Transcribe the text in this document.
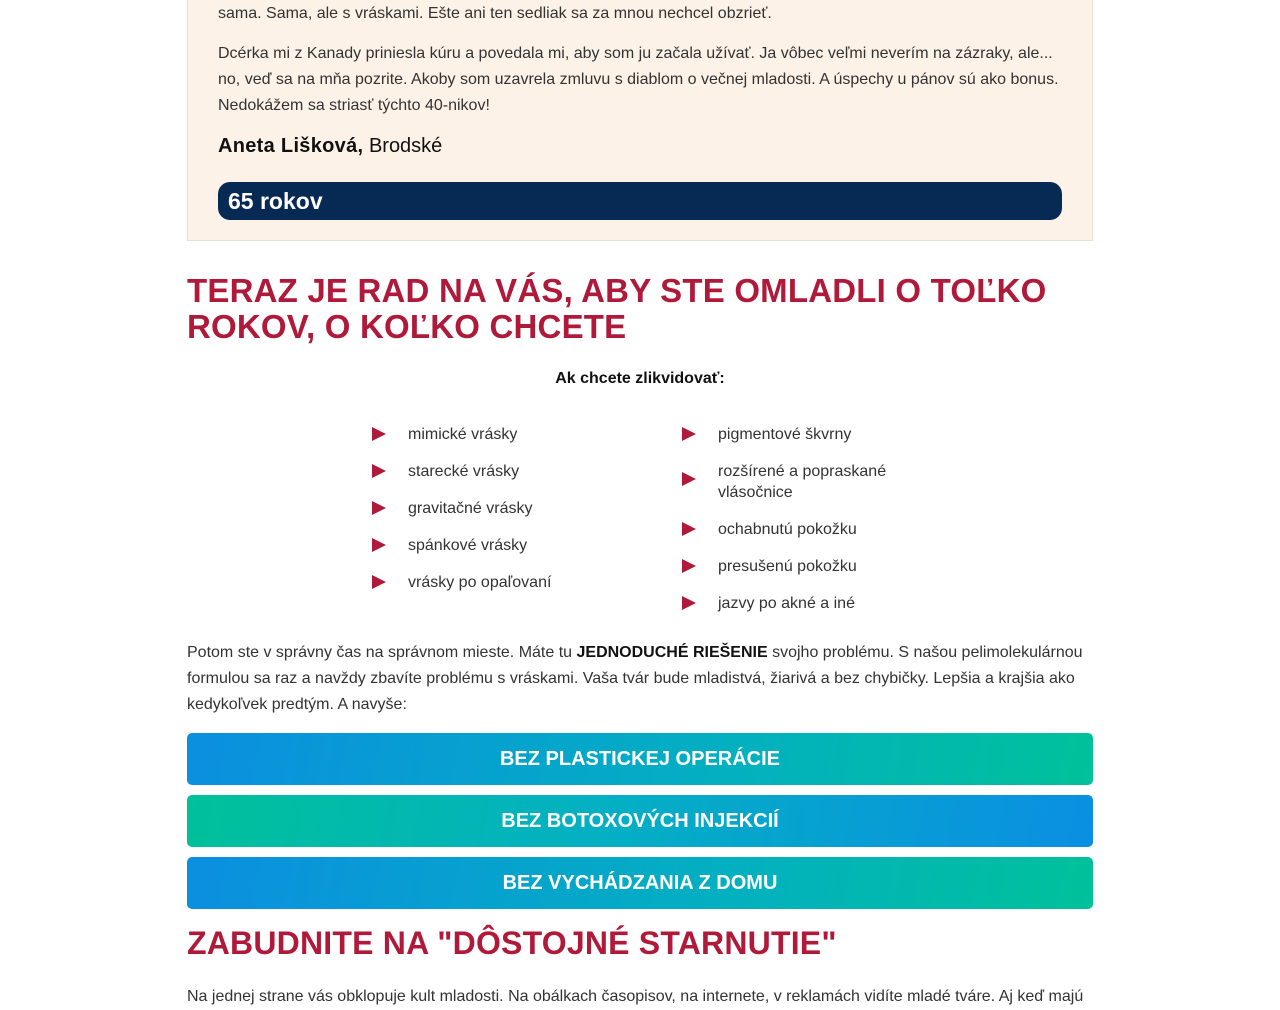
sama. Sama, ale s vráskami. Ešte ani ten sedliak sa za mnou nechcel obzrieť.

Dcérka mi z Kanady priniesla kúru a povedala mi, aby som ju začala užívať. Ja vôbec veľmi neverím na zázraky, ale... no, veď sa na mňa pozrite. Akoby som uzavrela zmluvu s diablom o večnej mladosti. A úspechy u pánov sú ako bonus. Nedokážem sa striasť týchto 40-nikov!

Aneta Lišková, Brodské
65 rokov
TERAZ JE RAD NA VÁS, ABY STE OMLADLI O TOĽKO ROKOV, O KOĽKO CHCETE
Ak chcete zlikvidovať:
mimické vrásky
starecké vrásky
gravitačné vrásky
spánkové vrásky
vrásky po opaľovaní
pigmentové škvrny
rozšírené a popraskané vlásočnice
ochabnutú pokožku
presušenú pokožku
jazvy po akné a iné

Potom ste v správny čas na správnom mieste. Máte tu JEDNODUCHÉ RIEŠENIE svojho problému. S našou pelimolekulárnou formulou sa raz a navždy zbavíte problému s vráskami. Vaša tvár bude mladistvá, žiarivá a bez chybičky. Lepšia a krajšia ako kedykoľvek predtým. A navyše:

BEZ PLASTICKEJ OPERÁCIE
BEZ BOTOXOVÝCH INJEKCIÍ
BEZ VYCHÁDZANIA Z DOMU
ZABUDNITE NA "DÔSTOJNÉ STARNUTIE"

Na jednej strane vás obklopuje kult mladosti. Na obálkach časopisov, na internete, v reklamách vidíte mladé tváre. Aj keď majú
